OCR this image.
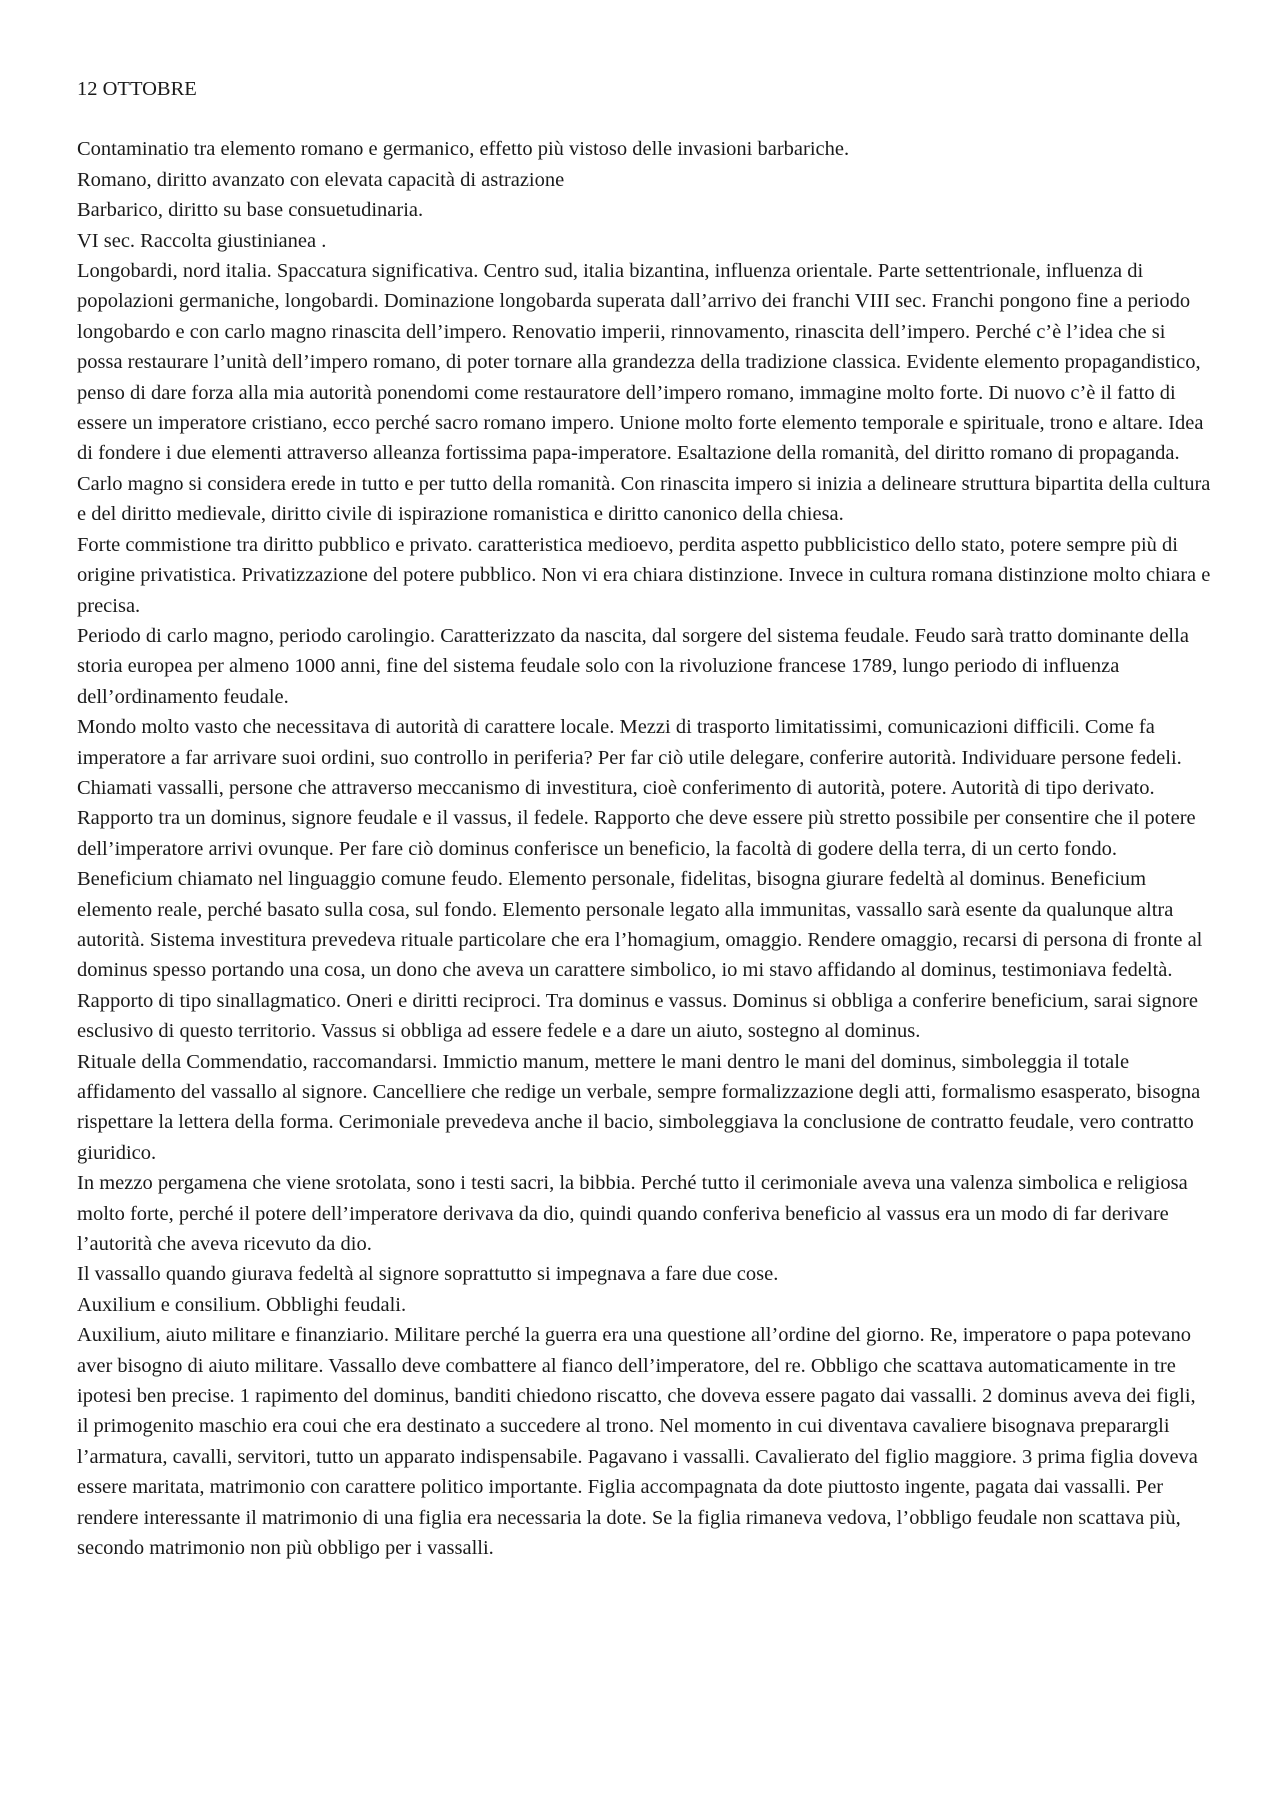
12 OTTOBRE

Contaminatio tra elemento romano e germanico, effetto più vistoso delle invasioni barbariche.

Romano, diritto avanzato con elevata capacità di astrazione

Barbarico, diritto su base consuetudinaria.

VI sec. Raccolta giustinianea .

Longobardi, nord italia. Spaccatura significativa. Centro sud, italia bizantina, influenza orientale. Parte settentrionale, influenza di popolazioni germaniche, longobardi. Dominazione longobarda superata dall’arrivo dei franchi VIII sec. Franchi pongono fine a periodo longobardo e con carlo magno rinascita dell’impero. Renovatio imperii, rinnovamento, rinascita dell’impero. Perché c’è l’idea che si possa restaurare l’unità dell’impero romano, di poter tornare alla grandezza della tradizione classica. Evidente elemento propagandistico, penso di dare forza alla mia autorità ponendomi come restauratore dell’impero romano, immagine molto forte. Di nuovo c’è il fatto di essere un imperatore cristiano, ecco perché sacro romano impero. Unione molto forte elemento temporale e spirituale, trono e altare. Idea di fondere i due elementi attraverso alleanza fortissima papa-imperatore. Esaltazione della romanità, del diritto romano di propaganda. Carlo magno si considera erede in tutto e per tutto della romanità. Con rinascita impero si inizia a delineare struttura bipartita della cultura e del diritto medievale, diritto civile di ispirazione romanistica e diritto canonico della chiesa.

Forte commistione tra diritto pubblico e privato. caratteristica medioevo, perdita aspetto pubblicistico dello stato, potere sempre più di origine privatistica. Privatizzazione del potere pubblico. Non vi era chiara distinzione. Invece in cultura romana distinzione molto chiara e precisa.

Periodo di carlo magno, periodo carolingio. Caratterizzato da nascita, dal sorgere del sistema feudale. Feudo sarà tratto dominante della storia europea per almeno 1000 anni, fine del sistema feudale solo con la rivoluzione francese 1789, lungo periodo di influenza dell’ordinamento feudale.

Mondo molto vasto che necessitava di autorità di carattere locale. Mezzi di trasporto limitatissimi, comunicazioni difficili. Come fa imperatore a far arrivare suoi ordini, suo controllo in periferia? Per far ciò utile delegare, conferire autorità. Individuare persone fedeli. Chiamati vassalli, persone che attraverso meccanismo di investitura, cioè conferimento di autorità, potere. Autorità di tipo derivato. Rapporto tra un dominus, signore feudale e il vassus, il fedele. Rapporto che deve essere più stretto possibile per consentire che il potere dell’imperatore arrivi ovunque. Per fare ciò dominus conferisce un beneficio, la facoltà di godere della terra, di un certo fondo. Beneficium chiamato nel linguaggio comune feudo. Elemento personale, fidelitas, bisogna giurare fedeltà al dominus. Beneficium elemento reale, perché basato sulla cosa, sul fondo. Elemento personale legato alla immunitas, vassallo sarà esente da qualunque altra autorità. Sistema investitura prevedeva rituale particolare che era l’homagium, omaggio. Rendere omaggio, recarsi di persona di fronte al dominus spesso portando una cosa, un dono che aveva un carattere simbolico, io mi stavo affidando al dominus, testimoniava fedeltà. Rapporto di tipo sinallagmatico. Oneri e diritti reciproci. Tra dominus e vassus. Dominus si obbliga a conferire beneficium, sarai signore esclusivo di questo territorio. Vassus si obbliga ad essere fedele e a dare un aiuto, sostegno al dominus.

Rituale della Commendatio, raccomandarsi. Immictio manum, mettere le mani dentro le mani del dominus, simboleggia il totale affidamento del vassallo al signore. Cancelliere che redige un verbale, sempre formalizzazione degli atti, formalismo esasperato, bisogna rispettare la lettera della forma. Cerimoniale prevedeva anche il bacio, simboleggiava la conclusione de contratto feudale, vero contratto giuridico.

In mezzo pergamena che viene srotolata, sono i testi sacri, la bibbia. Perché tutto il cerimoniale aveva una valenza simbolica e religiosa molto forte, perché il potere dell’imperatore derivava da dio, quindi quando conferiva beneficio al vassus era un modo di far derivare l’autorità che aveva ricevuto da dio.

Il vassallo quando giurava fedeltà al signore soprattutto si impegnava a fare due cose.

Auxilium e consilium. Obblighi feudali.

Auxilium, aiuto militare e finanziario. Militare perché la guerra era una questione all’ordine del giorno. Re, imperatore o papa potevano aver bisogno di aiuto militare. Vassallo deve combattere al fianco dell’imperatore, del re. Obbligo che scattava automaticamente in tre ipotesi ben precise. 1 rapimento del dominus, banditi chiedono riscatto, che doveva essere pagato dai vassalli. 2 dominus aveva dei figli, il primogenito maschio era coui che era destinato a succedere al trono. Nel momento in cui diventava cavaliere bisognava preparargli l’armatura, cavalli, servitori, tutto un apparato indispensabile. Pagavano i vassalli. Cavalierato del figlio maggiore. 3 prima figlia doveva essere maritata, matrimonio con carattere politico importante. Figlia accompagnata da dote piuttosto ingente, pagata dai vassalli. Per rendere interessante il matrimonio di una figlia era necessaria la dote. Se la figlia rimaneva vedova, l’obbligo feudale non scattava più, secondo matrimonio non più obbligo per i vassalli.
